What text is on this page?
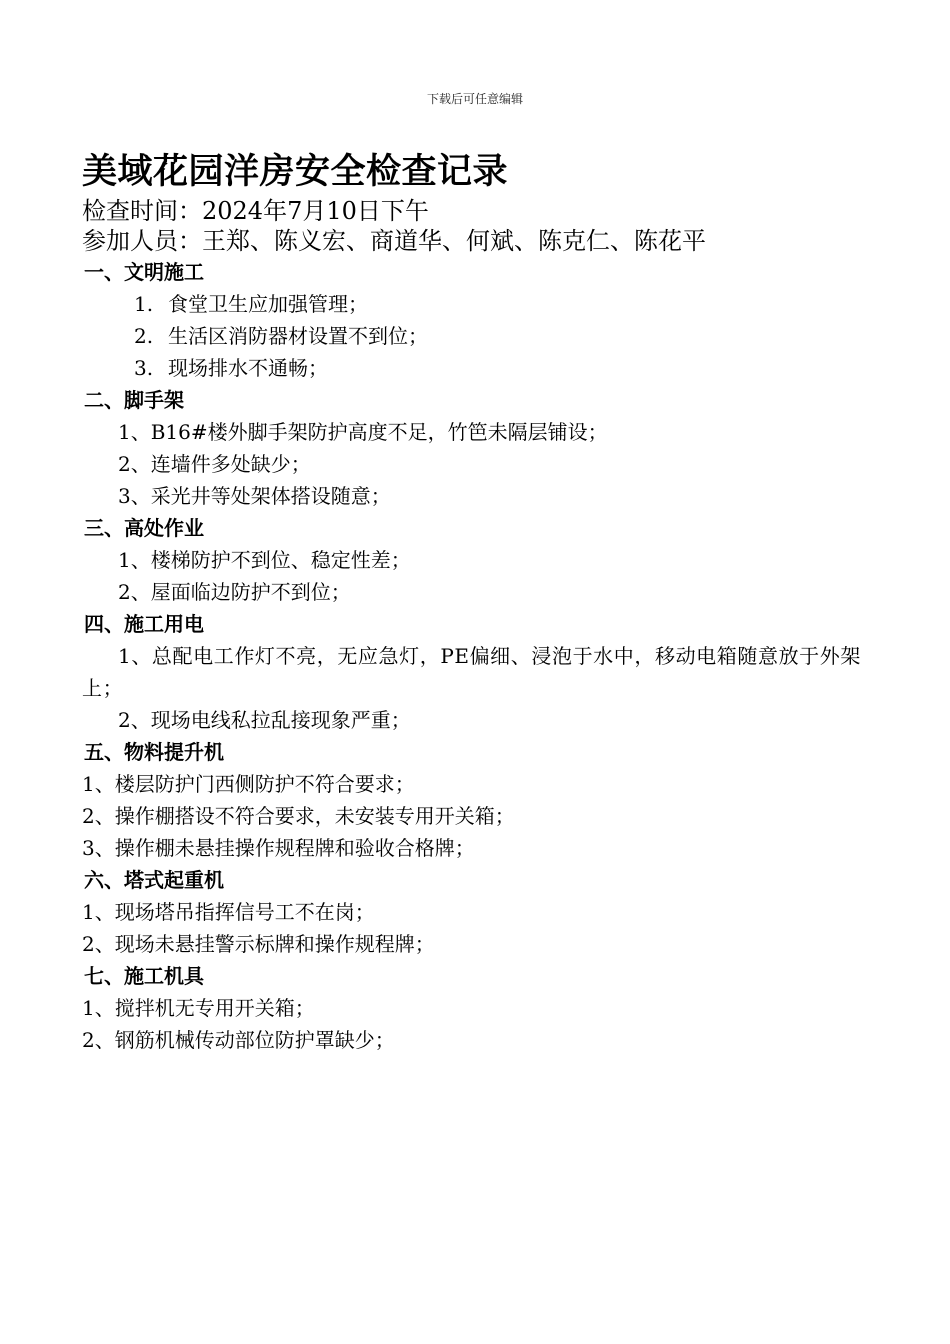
下载后可任意编辑
美域花园洋房安全检查记录

检查时间：2024年7月10日下午

参加人员：王郑、陈义宏、商道华、何斌、陈克仁、陈花平

一、文明施工

1. 食堂卫生应加强管理；

2. 生活区消防器材设置不到位；

3. 现场排水不通畅；

二、脚手架

1、B16#楼外脚手架防护高度不足，竹笆未隔层铺设；

2、连墙件多处缺少；

3、采光井等处架体搭设随意；

三、高处作业

1、楼梯防护不到位、稳定性差；

2、屋面临边防护不到位；

四、施工用电

1、总配电工作灯不亮，无应急灯，PE偏细、浸泡于水中，移动电箱随意放于外架上；

2、现场电线私拉乱接现象严重；

五、物料提升机

1、楼层防护门西侧防护不符合要求；

2、操作棚搭设不符合要求，未安装专用开关箱；

3、操作棚未悬挂操作规程牌和验收合格牌；

六、塔式起重机

1、现场塔吊指挥信号工不在岗；

2、现场未悬挂警示标牌和操作规程牌；

七、施工机具

1、搅拌机无专用开关箱；

2、钢筋机械传动部位防护罩缺少；
